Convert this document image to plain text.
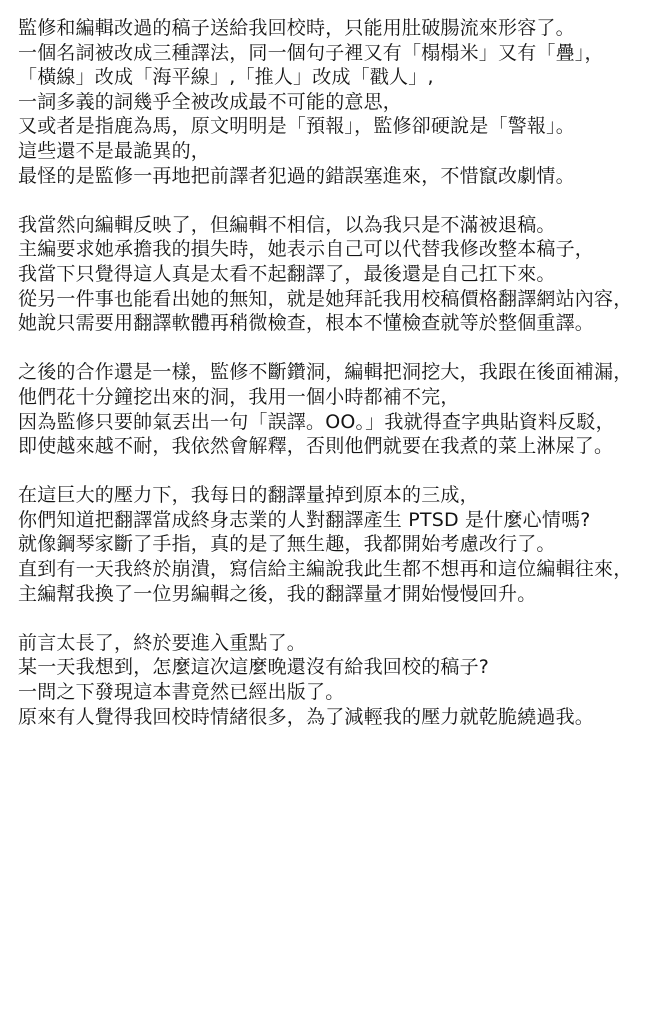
監修和編輯改過的稿子送給我回校時，只能用肚破腸流來形容了。
一個名詞被改成三種譯法，同一個句子裡又有「榻榻米」又有「疊」，
「橫線」改成「海平線」,「推人」改成「戳人」,
一詞多義的詞幾乎全被改成最不可能的意思，
又或者是指鹿為馬，原文明明是「預報」，監修卻硬說是「警報」。
這些還不是最詭異的，
最怪的是監修一再地把前譯者犯過的錯誤塞進來，不惜竄改劇情。
我當然向編輯反映了，但編輯不相信，以為我只是不滿被退稿。
主編要求她承擔我的損失時，她表示自己可以代替我修改整本稿子，
我當下只覺得這人真是太看不起翻譯了，最後還是自己扛下來。
從另一件事也能看出她的無知，就是她拜託我用校稿價格翻譯網站內容，
她說只需要用翻譯軟體再稍微檢查，根本不懂檢查就等於整個重譯。
之後的合作還是一樣，監修不斷鑽洞，編輯把洞挖大，我跟在後面補漏，
他們花十分鐘挖出來的洞，我用一個小時都補不完，
因為監修只要帥氣丟出一句「誤譯。OO。」我就得查字典貼資料反駁，
即使越來越不耐，我依然會解釋，否則他們就要在我煮的菜上淋屎了。
在這巨大的壓力下，我每日的翻譯量掉到原本的三成，
你們知道把翻譯當成終身志業的人對翻譯產生 PTSD 是什麼心情嗎?
就像鋼琴家斷了手指，真的是了無生趣，我都開始考慮改行了。
直到有一天我終於崩潰，寫信給主編說我此生都不想再和這位編輯往來，
主編幫我換了一位男編輯之後，我的翻譯量才開始慢慢回升。
前言太長了，終於要進入重點了。
某一天我想到，怎麼這次這麼晚還沒有給我回校的稿子?
一問之下發現這本書竟然已經出版了。
原來有人覺得我回校時情緒很多，為了減輕我的壓力就乾脆繞過我。
